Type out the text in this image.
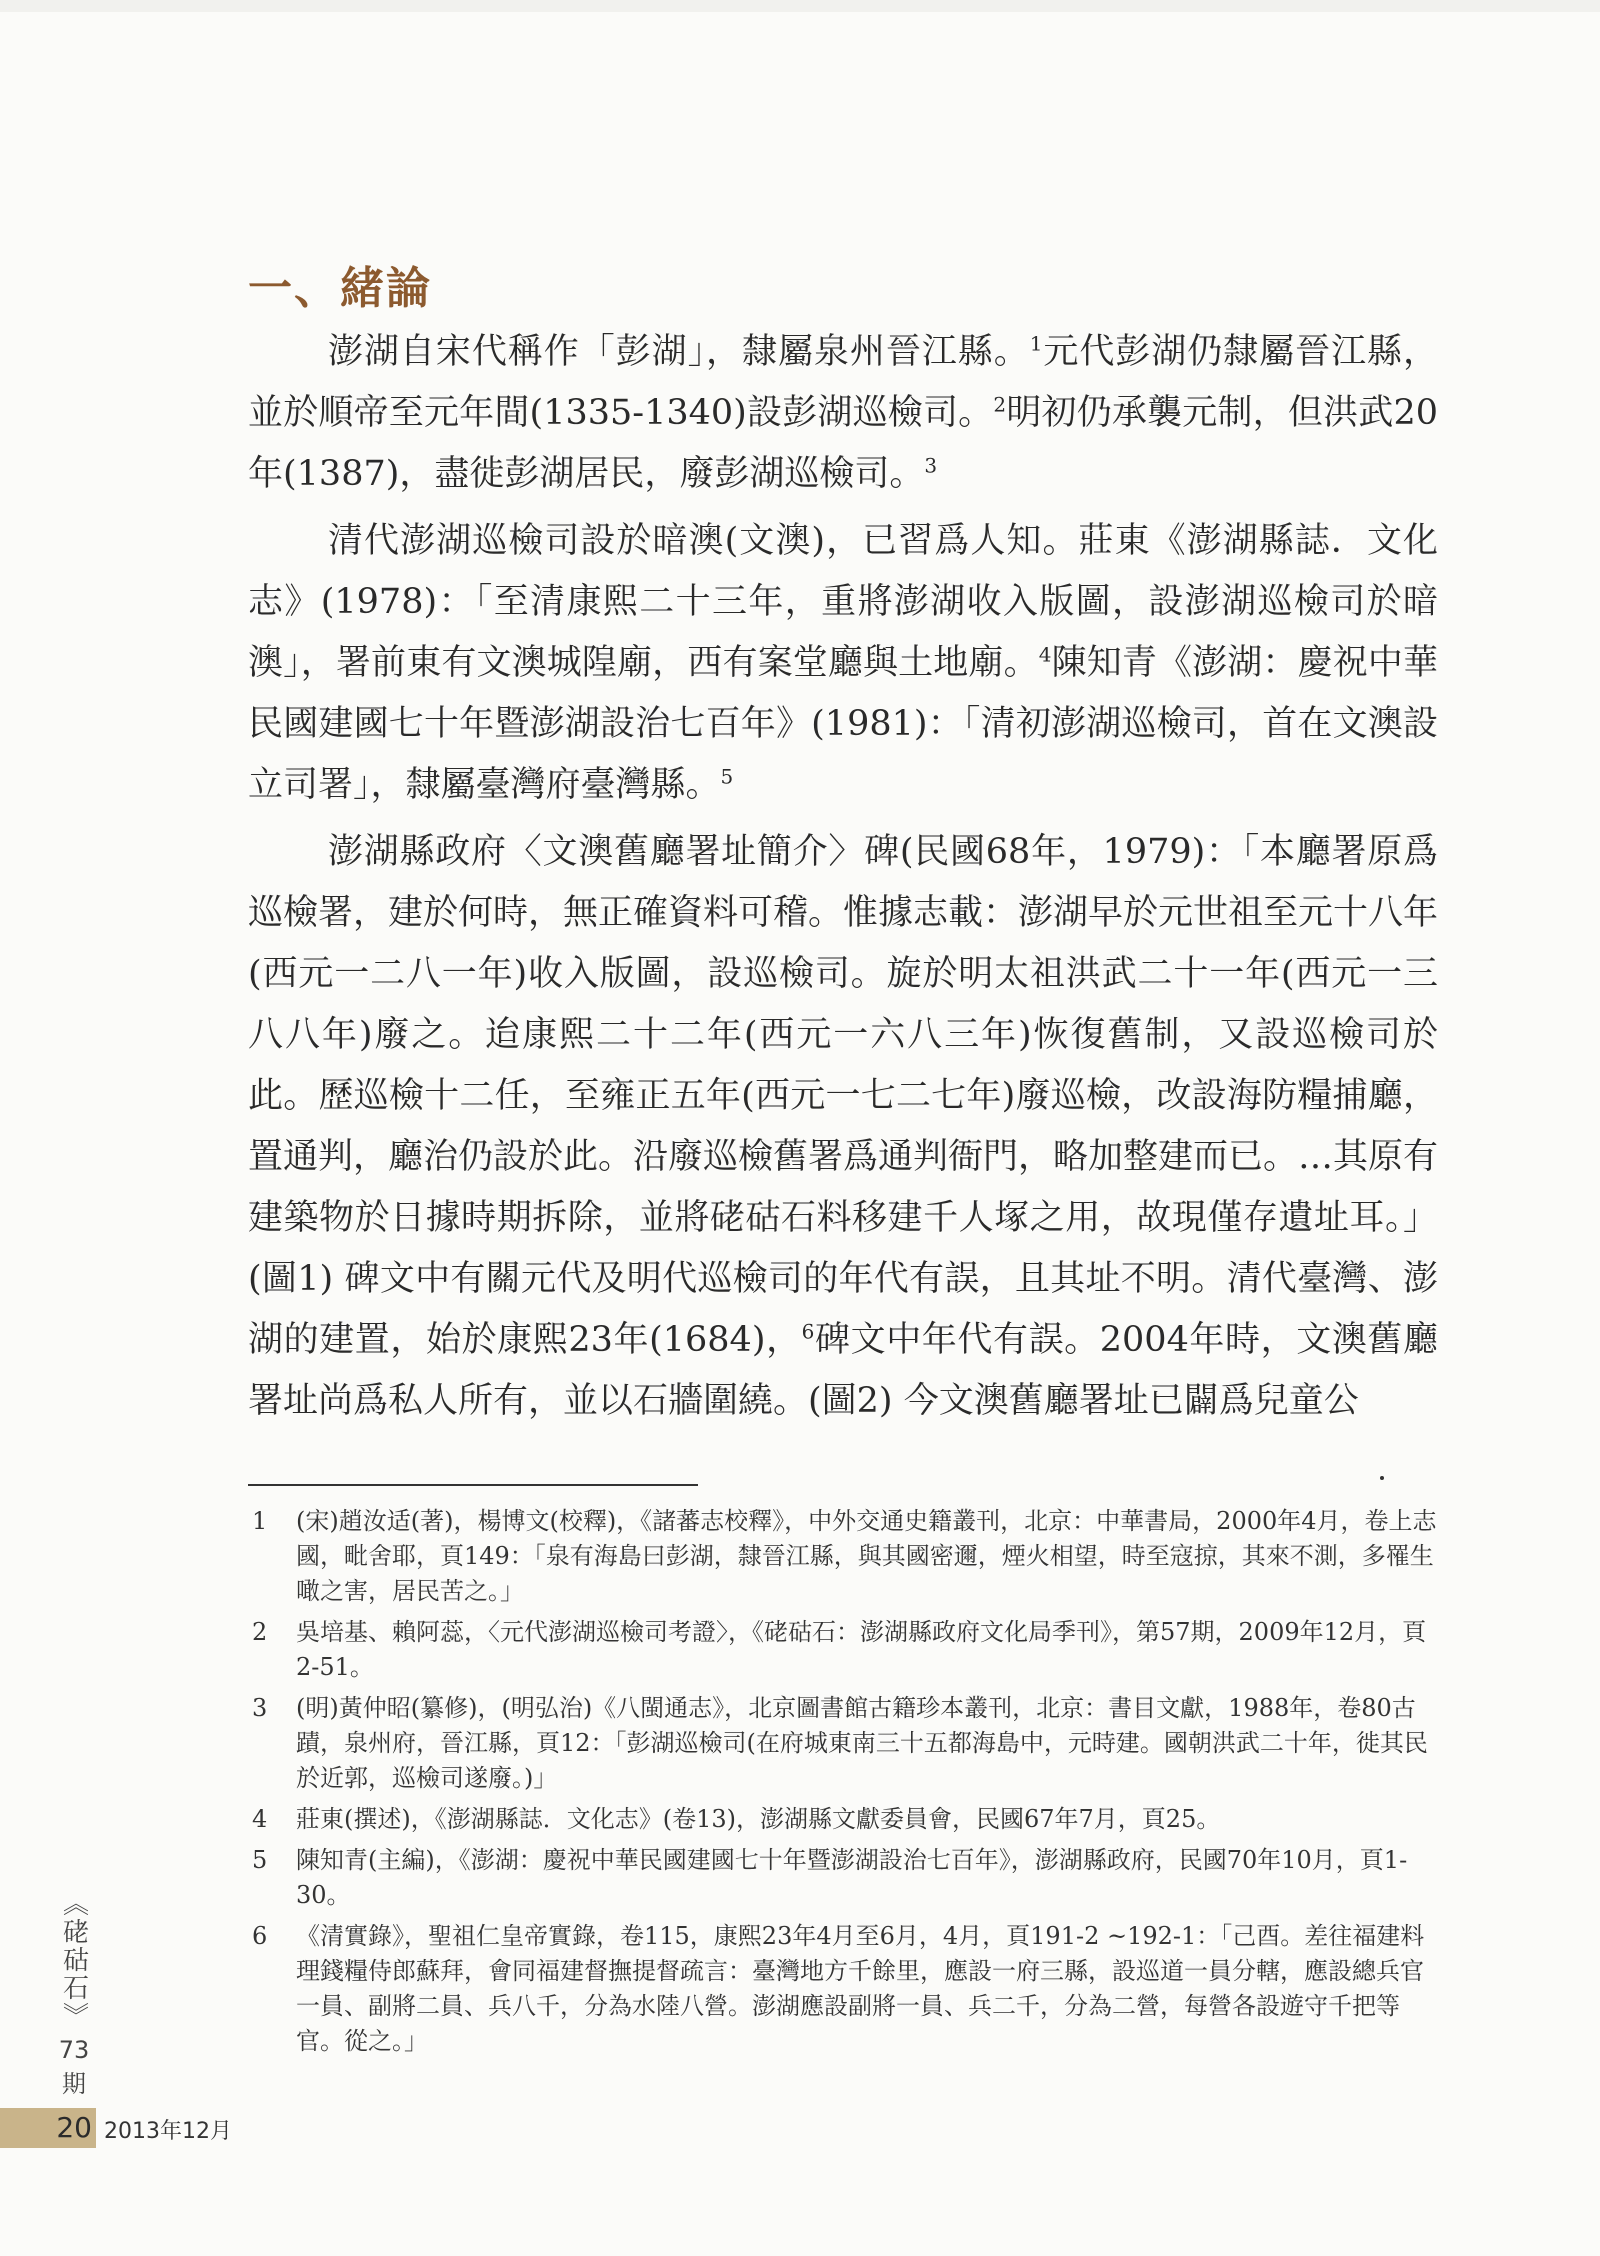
一、緒論

澎湖自宋代稱作「彭湖」，隸屬泉州晉江縣。$^1$元代彭湖仍隸屬晉江縣，並於順帝至元年間(1335-1340)設彭湖巡檢司。$^2$明初仍承襲元制，但洪武20年(1387)，盡徙彭湖居民，廢彭湖巡檢司。$^3$

清代澎湖巡檢司設於暗澳(文澳)，已習爲人知。莊東《澎湖縣誌．文化志》(1978)：「至清康熙二十三年，重將澎湖收入版圖，設澎湖巡檢司於暗澳」，署前東有文澳城隍廟，西有案堂廳與土地廟。$^4$陳知青《澎湖：慶祝中華民國建國七十年暨澎湖設治七百年》(1981)：「清初澎湖巡檢司，首在文澳設立司署」，隸屬臺灣府臺灣縣。$^5$

澎湖縣政府〈文澳舊廳署址簡介〉碑(民國68年，1979)：「本廳署原爲巡檢署，建於何時，無正確資料可稽。惟據志載：澎湖早於元世祖至元十八年(西元一二八一年)收入版圖，設巡檢司。旋於明太祖洪武二十一年(西元一三八八年)廢之。迨康熙二十二年(西元一六八三年)恢復舊制，又設巡檢司於此。歷巡檢十二任，至雍正五年(西元一七二七年)廢巡檢，改設海防糧捕廳，置通判，廳治仍設於此。沿廢巡檢舊署爲通判衙門，略加整建而已。…其原有建築物於日據時期拆除，並將硓𥑮石料移建千人塚之用，故現僅存遺址耳。」(圖1) 碑文中有關元代及明代巡檢司的年代有誤，且其址不明。清代臺灣、澎湖的建置，始於康熙23年(1684)，$^6$碑文中年代有誤。2004年時，文澳舊廳署址尚爲私人所有，並以石牆圍繞。(圖2) 今文澳舊廳署址已闢爲兒童公

1 (宋)趙汝适(著)，楊博文(校釋)，《諸蕃志校釋》，中外交通史籍叢刊，北京：中華書局，2000年4月，卷上志國，毗舍耶，頁149：「泉有海島曰彭湖，隸晉江縣，與其國密邇，煙火相望，時至寇掠，其來不測，多罹生噉之害，居民苦之。」
2 吳培基、賴阿蕊，〈元代澎湖巡檢司考證〉，《硓𥑮石：澎湖縣政府文化局季刊》，第57期，2009年12月，頁2-51。
3 (明)黃仲昭(纂修)，(明弘治)《八閩通志》，北京圖書館古籍珍本叢刊，北京：書目文獻，1988年，卷80古蹟，泉州府，晉江縣，頁12：「彭湖巡檢司(在府城東南三十五都海島中，元時建。國朝洪武二十年，徙其民於近郭，巡檢司遂廢。)」
4 莊東(撰述)，《澎湖縣誌．文化志》(卷13)，澎湖縣文獻委員會，民國67年7月，頁25。
5 陳知青(主編)，《澎湖：慶祝中華民國建國七十年暨澎湖設治七百年》，澎湖縣政府，民國70年10月，頁1-30。
6 《清實錄》，聖祖仁皇帝實錄，卷115，康熙23年4月至6月，4月，頁191-2 ~192-1：「己酉。差往福建料理錢糧侍郎蘇拜，會同福建督撫提督疏言：臺灣地方千餘里，應設一府三縣，設巡道一員分轄，應設總兵官一員、副將二員、兵八千，分為水陸八營。澎湖應設副將一員、兵二千，分為二營，每營各設遊守千把等官。從之。」
《硓𥑮石》
73
期
20 2013年12月
